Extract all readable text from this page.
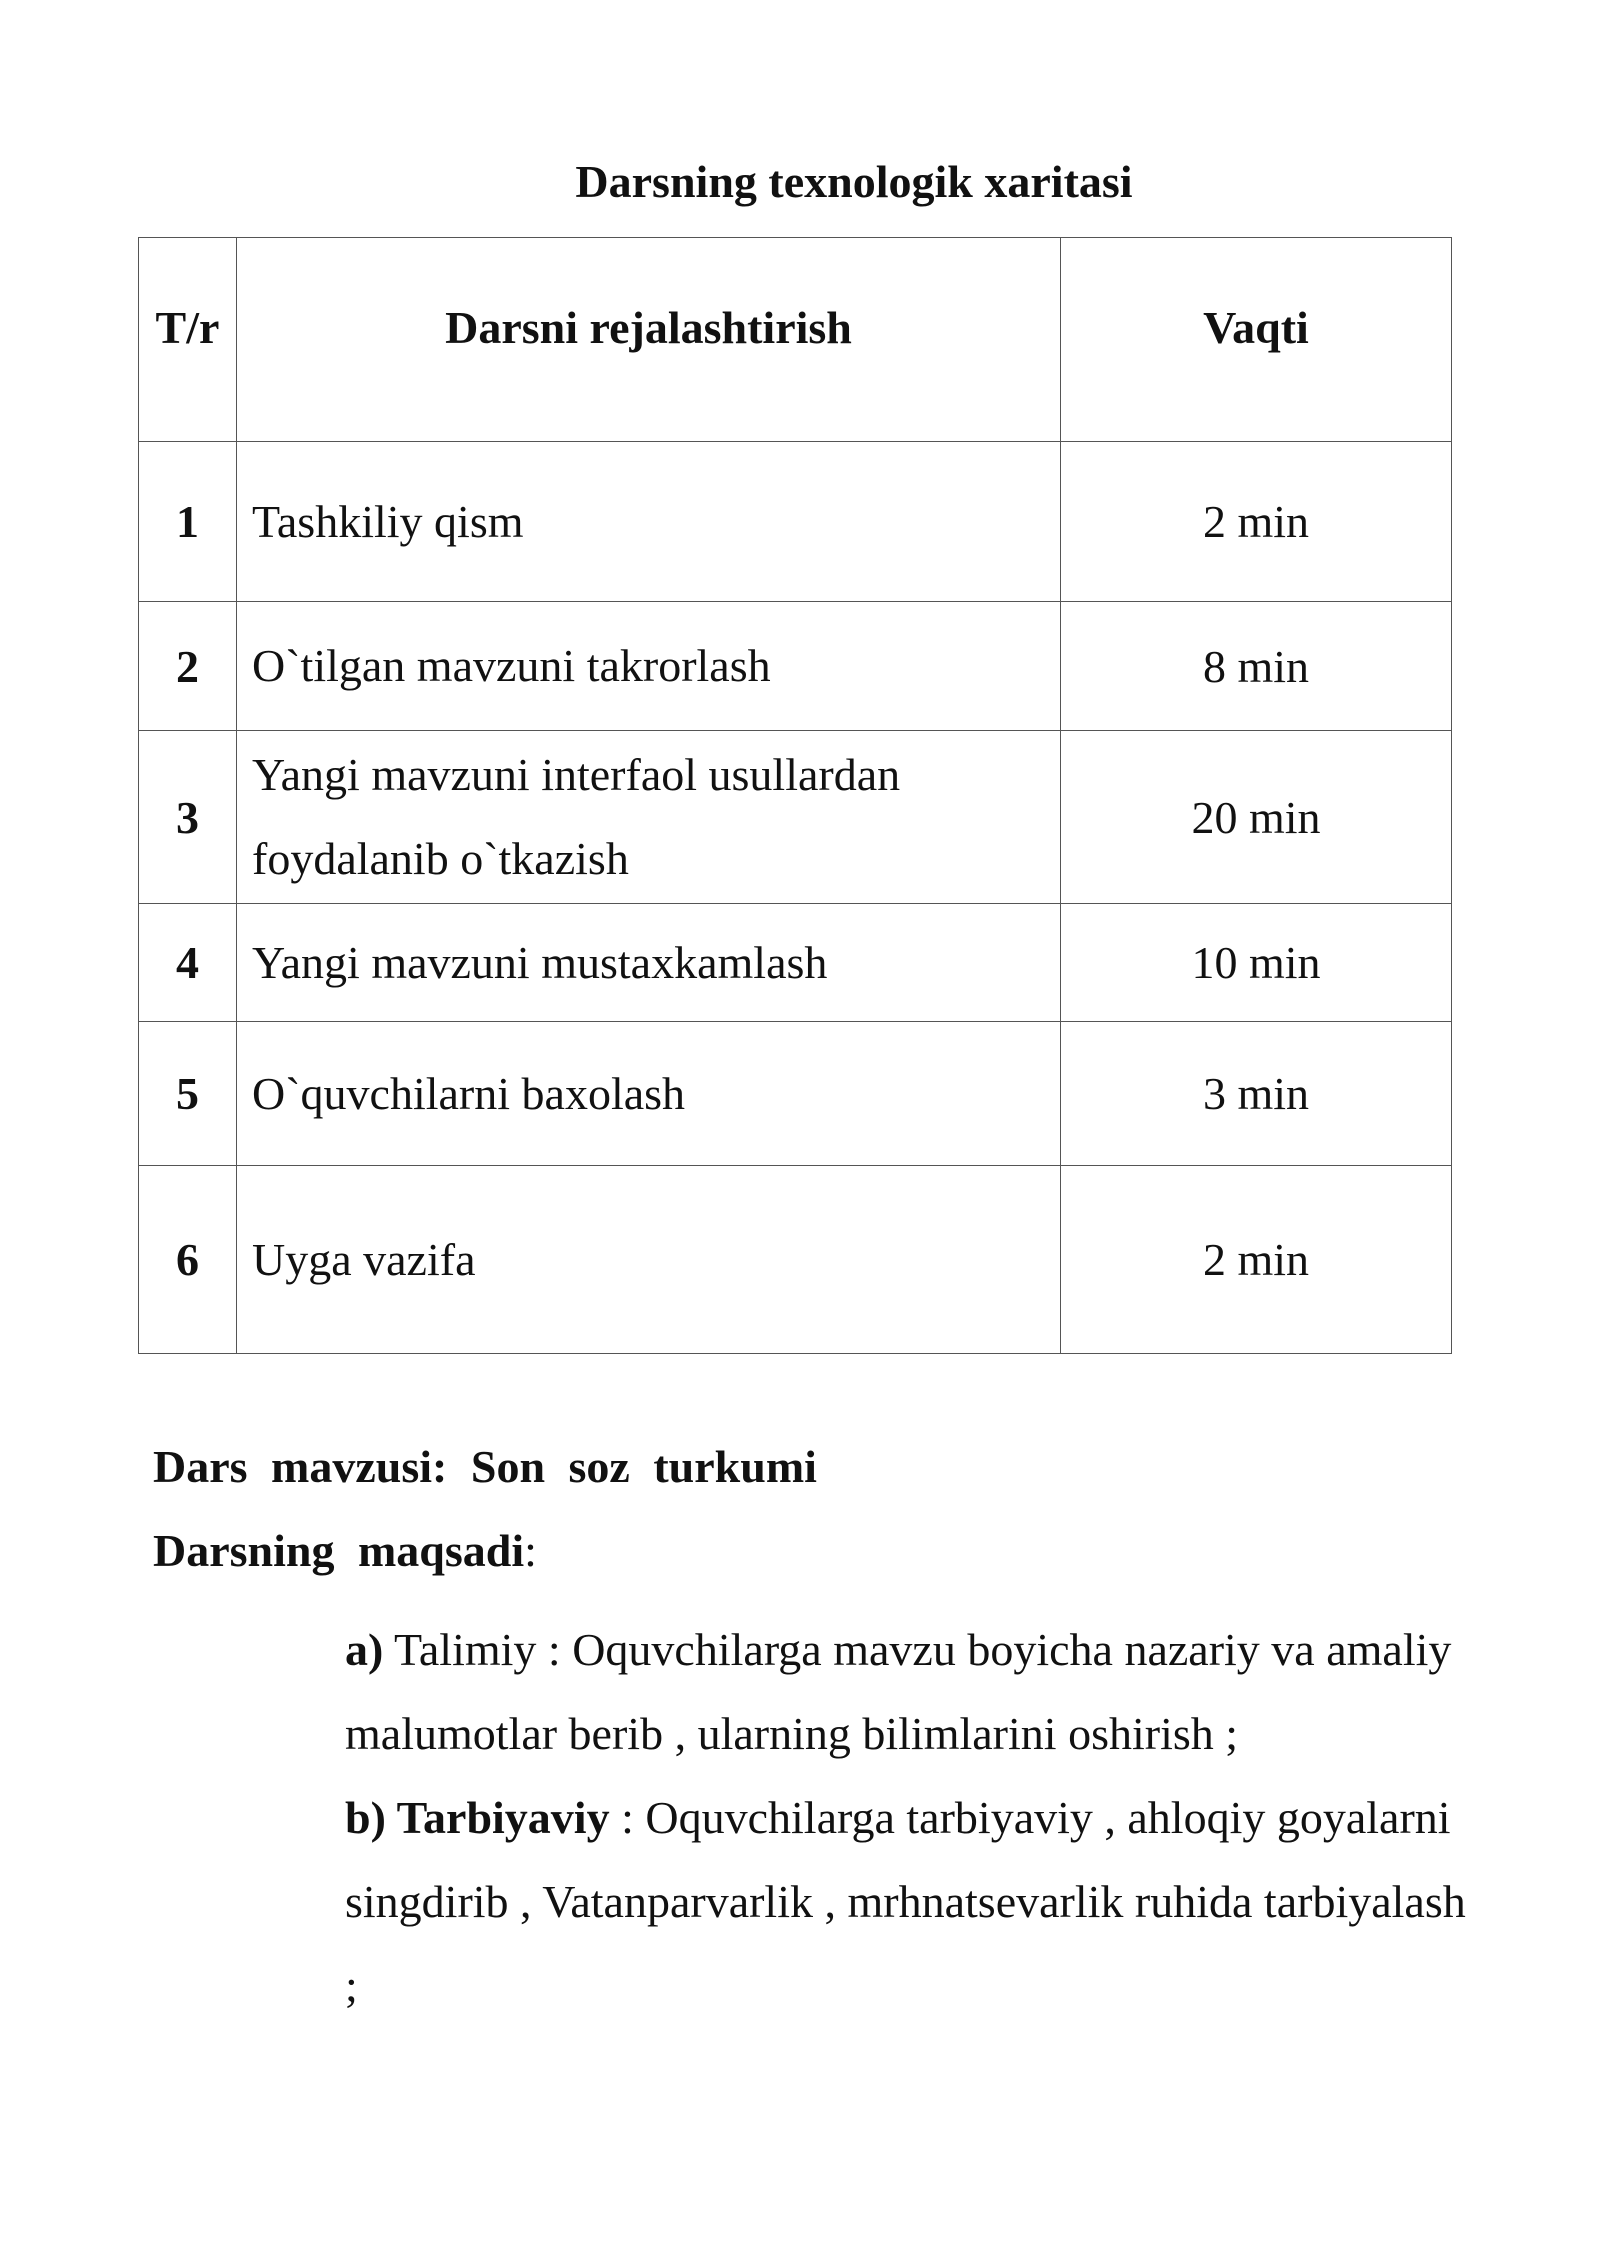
Darsning texnologik xaritasi
T/r	Darsni rejalashtirish	Vaqti
1	Tashkiliy qism	2 min
2	O`tilgan mavzuni takrorlash	8 min
3	Yangi mavzuni interfaol usullardan foydalanib o`tkazish	20 min
4	Yangi mavzuni mustaxkamlash	10 min
5	O`quvchilarni baxolash	3 min
6	Uyga vazifa	2 min
Dars mavzusi: Son soz turkumi
Darsning maqsadi:

a) Talimiy : Oquvchilarga mavzu boyicha nazariy va amaliy malumotlar berib , ularning bilimlarini oshirish ;

b) Tarbiyaviy : Oquvchilarga tarbiyaviy , ahloqiy goyalarni singdirib , Vatanparvarlik , mrhnatsevarlik ruhida tarbiyalash ;
